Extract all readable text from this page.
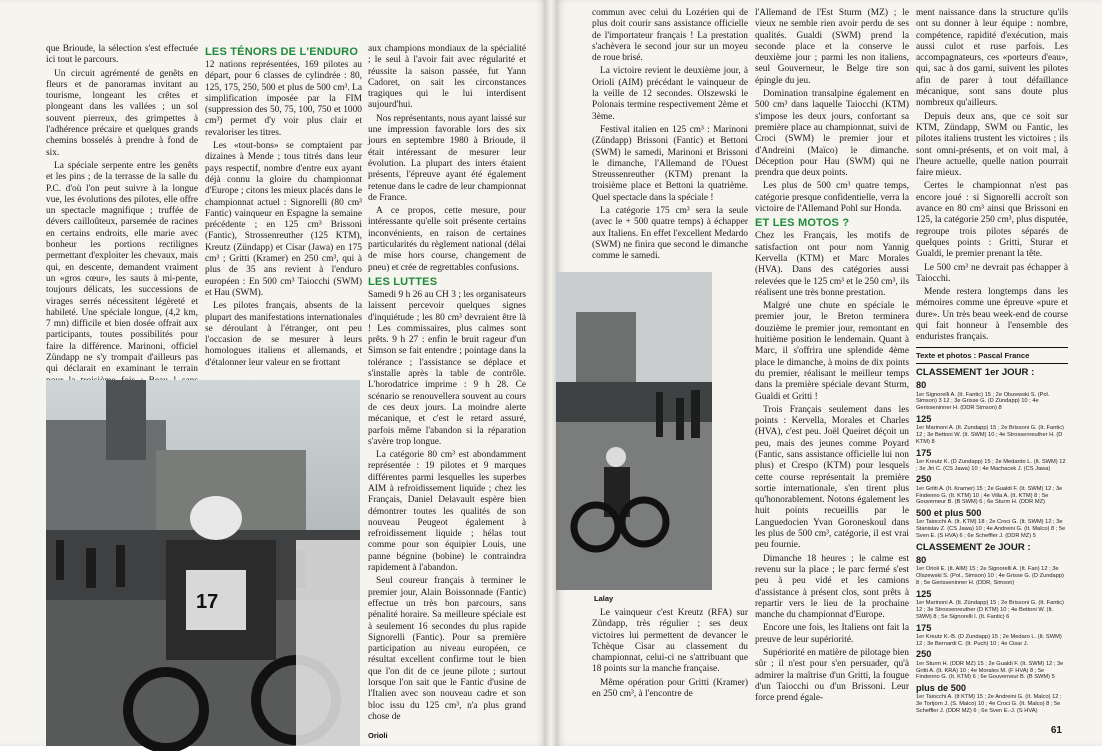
que Brioude, la sélection s'est effectuée ici tout le parcours.

Un circuit agrémenté de genêts en fleurs et de panoramas invitant au tourisme, longeant les crêtes et plongeant dans les vallées ; un sol souvent pierreux, des grimpettes à l'adhérence précaire et quelques grands chemins bosselés à prendre à fond de six.

La spéciale serpente entre les genêts et les pins ; de la terrasse de la salle du P.C. d'où l'on peut suivre à la longue vue, les évolutions des pilotes, elle offre un spectacle magnifique ; truffée de dévers cailloûteux, parsemée de racines en certains endroits, elle marie avec bonheur les portions rectilignes permettant d'exploiter les chevaux, mais qui, en descente, demandent vraiment un «gros cœur», les sauts à mi-pente, toujours délicats, les successions de virages serrés nécessitent légèreté et habileté. Une spéciale longue, (4,2 km, 7 mn) difficile et bien dosée offrait aux participants, toutes possibilités pour faire la différence. Marinoni, officiel Zündapp ne s'y trompait d'ailleurs pas qui déclarait en examinant le terrain

LES TÉNORS DE L'ENDURO

12 nations représentées, 169 pilotes au départ, pour 6 classes de cylindrée : 80, 125, 175, 250, 500 et plus de 500 cm³. La simplification imposée par la FIM (suppression des 50, 75, 100, 750 et 1000 cm³) permet d'y voir plus clair et revaloriser les titres.

Les «tout-bons» se comptaient par dizaines à Mende ; tous titrés dans leur pays respectif, nombre d'entre eux ayant déjà connu la gloire du championnat d'Europe ; citons les mieux placés dans le championnat actuel : Signorelli (80 cm³ Fantic) vainqueur en Espagne la semaine précédente ; en 125 cm³ Brissoni (Fantic), Strossenreuther (125 KTM), Kreutz (Zündapp) et Cisar (Jawa) en 175 cm³ ; Gritti (Kramer) en 250 cm³, qui à plus de 35 ans revient à l'enduro européen : En 500 cm³ Taiocchi (SWM) et Hau (SWM).

Les pilotes français, absents de la plupart des manifestations internationales se déroulant à l'étranger, ont peu l'occasion de se mesurer à leurs homologues italiens et allemands, et d'étalonner leur valeur en se frottant

aux champions mondiaux de la spécialité ; le seul à l'avoir fait avec régularité et réussite la saison passée, fut Yann Cadoret, on sait les circonstances tragiques qui le lui interdisent aujourd'hui.

Nos représentants, nous ayant laissé sur une impression favorable lors des six jours en septembre 1980 à Brioude, il était intéressant de mesurer leur évolution. La plupart des inters étaient présents, l'épreuve ayant été également retenue dans le cadre de leur championnat de France.

A ce propos, cette mesure, pour intéressante qu'elle soit présente certains inconvénients, en raison de certaines particularités du règlement national (délai de mise hors course, changement de pneu) et crée de regrettables confusions.

LES LUTTES

Samedi 9 h 26 au CH 3 ; les organisateurs laissent percevoir quelques signes d'inquiétude ; les 80 cm³ devraient être là ! Les commissaires, plus calmes sont prêts. 9 h 27 : enfin le bruit rageur d'un Simson se fait entendre ; pointage dans la tolérance ; l'assistance se déplace et s'installe après la table de contrôle. L'horodatrice imprime : 9 h 28. Ce scénario se renouvellera souvent au cours de ces deux jours. La moindre alerte mécanique, et c'est le retard assuré, parfois même l'abandon si la réparation s'avère trop longue.

La catégorie 80 cm³ est abondamment représentée : 19 pilotes et 9 marques différentes parmi lesquelles les superbes AIM à refroidissement liquide ; chez les Français, Daniel Delavault espère bien démontrer toutes les qualités de son nouveau Peugeot également à refroidissement liquide ; hélas tout comme pour son équipier Louis, une panne bégnine (bobine) le contraindra rapidement à l'abandon.

Seul coureur français à terminer le premier jour, Alain Boissonnade (Fantic) effectue un très bon parcours, sans pénalité horaire. Sa meilleure spéciale est à seulement 16 secondes du plus rapide Signorelli (Fantic). Pour sa première participation au niveau européen, ce résultat excellent confirme tout le bien que l'on dit de ce jeune pilote ; surtout lorsque l'on sait que le Fantic d'usine de l'Italien avec son nouveau cadre et son bloc issu du 125 cm³, n'a plus grand chose de

Orioli
17

commun avec celui du Lozérien qui de plus doit courir sans assistance officielle de l'importateur français ! La prestation s'achèvera le second jour sur un moyeu de roue brisé.

La victoire revient le deuxième jour, à Orioli (AIM) précédant le vainqueur de la veille de 12 secondes. Olszewski le Polonais termine respectivement 2ème et 3ème.

Festival italien en 125 cm³ : Marinoni (Zündapp) Brissoni (Fantic) et Bettoni (SWM) le samedi, Marinoni et Brissoni le dimanche, l'Allemand de l'Ouest Streussenreuther (KTM) prenant la troisième place et Bettoni la quatrième. Quel spectacle dans la spéciale !

La catégorie 175 cm³ sera la seule (avec le + 500 quatre temps) à échapper aux Italiens. En effet l'excellent Medardo (SWM) ne finira que second le dimanche comme le samedi.

Lalay

Le vainqueur c'est Kreutz (RFA) sur Zündapp, très régulier ; ses deux victoires lui permettent de devancer le Tchèque Cisar au classement du championnat, celui-ci ne s'attribuant que 18 points sur la manche française.

Même opération pour Gritti (Kramer) en 250 cm³, à l'encontre de

l'Allemand de l'Est Sturm (MZ) ; le vieux ne semble rien avoir perdu de ses qualités. Gualdi (SWM) prend la seconde place et la conserve le deuxième jour ; parmi les non italiens, seul Gouverneur, le Belge tire son épingle du jeu.

Domination transalpine également en 500 cm³ dans laquelle Taiocchi (KTM) s'impose les deux jours, confortant sa première place au championnat, suivi de Croci (SWM) le premier jour et d'Andreini (Maïco) le dimanche. Déception pour Hau (SWM) qui ne prendra que deux points.

Les plus de 500 cm³ quatre temps, catégorie presque confidentielle, verra la victoire de l'Allemand Pohl sur Honda.

ET LES MOTOS ?

Chez les Français, les motifs de satisfaction ont pour nom Yannig Kervella (KTM) et Marc Morales (HVA). Dans des catégories aussi relevées que le 125 cm³ et le 250 cm³, ils réalisent une très bonne prestation.

Malgré une chute en spéciale le premier jour, le Breton terminera douzième le premier jour, remontant en huitième position le lendemain. Quant à Marc, il s'offrira une splendide 4ème place le dimanche, à moins de dix points du premier, réalisant le meilleur temps dans la première spéciale devant Sturm, Gualdi et Gritti !

Trois Français seulement dans les points : Kervella, Morales et Charles (HVA), c'est peu. Joël Queiret déçoit un peu, mais des jeunes comme Poyard (Fantic, sans assistance officielle lui non plus) et Crespo (KTM) pour lesquels cette course représentait la première sortie internationale, s'en tirent plus qu'honorablement. Notons également les huit points recueillis par le Languedocien Yvan Goroneskoul dans les plus de 500 cm³, catégorie, il est vrai peu fournie.

Dimanche 18 heures ; le calme est revenu sur la place ; le parc fermé s'est peu à peu vidé et les camions d'assistance à présent clos, sont prêts à repartir vers le lieu de la prochaine manche du championnat d'Europe.

Encore une fois, les Italiens ont fait la preuve de leur supériorité.

Supériorité en matière de pilotage bien sûr ; il n'est pour s'en persuader, qu'à admirer la maîtrise d'un Gritti, la fougue d'un Taiocchi ou d'un Brissoni. Leur force prend égale-

ment naissance dans la structure qu'ils ont su donner à leur équipe : nombre, compétence, rapidité d'exécution, mais aussi culot et ruse parfois. Les accompagnateurs, ces «porteurs d'eau», qui, sac à dos garni, suivent les pilotes afin de parer à tout défaillance mécanique, sont sans doute plus nombreux qu'ailleurs.

Depuis deux ans, que ce soit sur KTM, Zündapp, SWM ou Fantic, les pilotes italiens trustent les victoires ; ils sont omni-présents, et on voit mal, à l'heure actuelle, quelle nation pourrait faire mieux.

Certes le championnat n'est pas encore joué : si Signorelli accroît son avance en 80 cm³ ainsi que Brissoni en 125, la catégorie 250 cm³, plus disputée, regroupe trois pilotes séparés de quelques points : Gritti, Sturar et Gualdi, le premier prenant la tête.

Le 500 cm³ ne devrait pas échapper à Taiocchi.

Mende restera longtemps dans les mémoires comme une épreuve «pure et dure». Un très beau week-end de course qui fait honneur à l'ensemble des enduristes français.

Texte et photos : Pascal France
CLASSEMENT 1er JOUR :
80
1er Signorelli A. (It. Fantic) 15 ; 2e Olszewski S. (Pol. Simson) 3 12 ; 3e Grisse G. (D Zündapp) 10 ; 4e Gerisseninner H. (DDR Simson) 8
125
1er Marinoni A. (It. Zundapp) 15 ; 2e Brissoni G. (It. Fantic) 12 ; 3e Bettoni W. (It. SWM) 10 ; 4e Strossenreuther H. (D KTM) 8
175
1er Kreutz K. (D Zundapp) 15 ; 2e Medardo L. (It. SWM) 12 ; 3e Jiri C. (CS Jawa) 10 ; 4e Machacek J. (CS Jawa)
250
1er Gritti A. (It. Kramer) 15 ; 2e Gualdi F. (It. SWM) 12 ; 3e Findenno G. (It. KTM) 10 ; 4e Villa A. (It. KTM) 8 ; 5e Gouverneur B. (B SWM) 6 ; 6e Sturm H. (DDR MZ)
500 et plus 500
1er Taiocchi A. (It. KTM) 18 ; 2e Croci G. (It. SWM) 12 ; 3e Stanislav Z. (CS Jawa) 10 ; 4e Andreini G. (It. Malco) 8 ; 5e Sven E. (S HVA) 6 ; 6e Scheffler J. (DDR MZ) 5
CLASSEMENT 2e JOUR :
80
1er Orioli E. (It. AIM) 15 ; 2e Signorelli A. (It. Fan) 12 ; 3e Olszewski S. (Pol., Simson) 10 ; 4e Grisse G. (D Zundapp) 8 ; 5e Gerisseninner H. (DDR, Simson)
125
1er Marinoni A. (It. Zündapp) 15 ; 2e Brissoni G. (It. Fantic) 12 ; 3e Strossenreuther (D KTM) 10 ; 4e Bettoni W. (It. SWM) 8 ; 5e Signorelli I. (It. Fantic) 6
175
1er Kreutz K.-B. (D Zundapp) 15 ; 2e Medaro L. (It. SWM) 12 ; 3e Bernardi C. (It. Puch) 10 ; 4e Cisar J.
250
1er Sturm H. (DDR MZ) 15 ; 2e Gualdi F. (It. SWM) 12 ; 3e Gritti A. (It. KRA) 10 ; 4e Morales M. (F HVA) 8 ; 5e Findenno G. (It. KTM) 6 ; 6e Gouverneur B. (B SWM) 5
plus de 500
1er Taiocchi A. (It KTM) 15 ; 2e Andreini G. (It. Malco) 12 ; 3e Tortjorn J. (S. Malco) 10 ; 4e Croci G. (It. Malco) 8 ; 5e Scheffler J. (DDR MZ) 6 ; 6e Sven E.-J. (S HVA)
61
